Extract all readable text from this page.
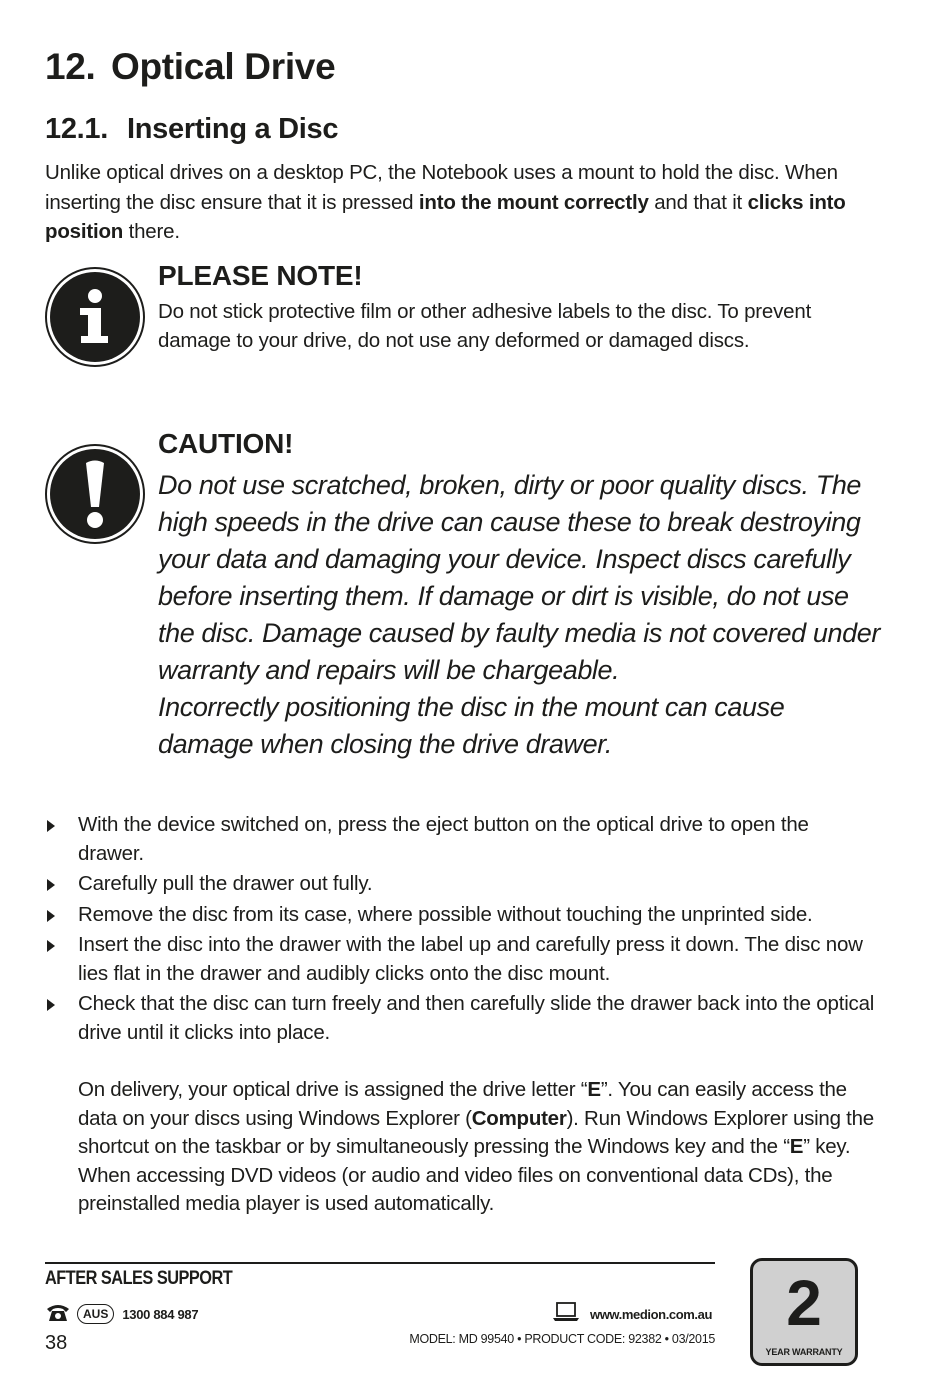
12. Optical Drive
12.1. Inserting a Disc

Unlike optical drives on a desktop PC, the Notebook uses a mount to hold the disc. When inserting the disc ensure that it is pressed into the mount correctly and that it clicks into position there.

PLEASE NOTE!

Do not stick protective film or other adhesive labels to the disc. To prevent damage to your drive, do not use any deformed or damaged discs.

CAUTION!

Do not use scratched, broken, dirty or poor quality discs. The high speeds in the drive can cause these to break destroying your data and damaging your device. Inspect discs carefully before inserting them. If damage or dirt is visible, do not use the disc. Damage caused by faulty media is not covered under warranty and repairs will be chargeable.

Incorrectly positioning the disc in the mount can cause damage when closing the drive drawer.

With the device switched on, press the eject button on the optical drive to open the drawer.
Carefully pull the drawer out fully.
Remove the disc from its case, where possible without touching the unprinted side.
Insert the disc into the drawer with the label up and carefully press it down. The disc now lies flat in the drawer and audibly clicks onto the disc mount.
Check that the disc can turn freely and then carefully slide the drawer back into the optical drive until it clicks into place.

On delivery, your optical drive is assigned the drive letter “E”. You can easily access the data on your discs using Windows Explorer (Computer). Run Windows Explorer using the shortcut on the taskbar or by simultaneously pressing the Windows key and the “E” key. When accessing DVD videos (or audio and video files on conventional data CDs), the preinstalled media player is used automatically.

AFTER SALES SUPPORT
AUS	1300 884 987

38

www.medion.com.au

MODEL: MD 99540 • PRODUCT CODE: 92382 • 03/2015	2
YEAR WARRANTY
